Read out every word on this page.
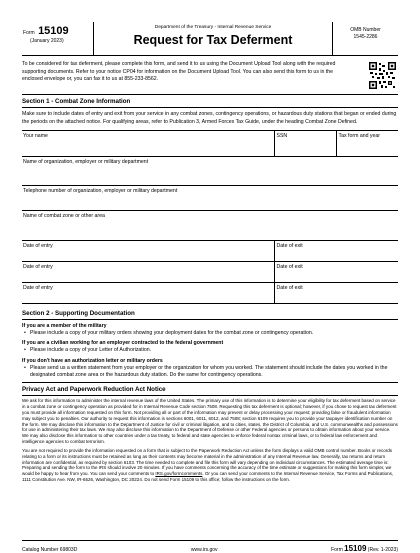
Form 15109
(January 2023)
Department of the Treasury - Internal Revenue Service
Request for Tax Deferment
OMB Number
1545-2286
To be considered for tax deferment, please complete this form, and send it to us using the Document Upload Tool along with the required supporting documents. Refer to your notice CP04 for information on the Document Upload Tool. You can also send this form to us in the enclosed envelope or, you can fax it to us at 855-233-8562.
Section 1 - Combat Zone Information
Make sure to include dates of entry and exit from your service in any combat zones, contingency operations, or hazardous duty stations that began or ended during the periods on the attached notice. For qualifying areas, refer to Publication 3, Armed Forces Tax Guide, under the heading Combat Zone Defined.
Your name	SSN	Tax form and year
Name of organization, employer or military department		
Telephone number of organization, employer or military department		
Name of combat zone or other area		
Date of entry	Date of exit	
Date of entry	Date of exit	
Date of entry	Date of exit	
Section 2 - Supporting Documentation
If you are a member of the military
• Please include a copy of your military orders showing your deployment dates for the combat zone or contingency operation.
If you are a civilian working for an employer contracted to the federal government
• Please include a copy of your Letter of Authorization.
If you don't have an authorization letter or military orders
• Please send us a written statement from your employer or the organization for whom you worked. The statement should include the dates you worked in the designated combat zone area or the hazardous duty station. Do the same for contingency operations.
Privacy Act and Paperwork Reduction Act Notice
We ask for this information to administer the internal revenue laws of the United States. The primary use of this information is to determine your eligibility for tax deferment based on service in a combat zone or contingency operation as provided for in Internal Revenue Code section 7508. Requesting this tax deferment is optional; however, if you chose to request tax deferment you must provide all information requested on this form. Not providing all or part of the information may prevent or delay processing your request; providing false or fraudulent information may subject you to penalties. Our authority to request this information is sections 6001, 6011, 6012, and 7508; section 6109 requires you to provide your taxpayer identification number on the form. We may disclose this information to the Department of Justice for civil or criminal litigation, and to cities, states, the District of Columbia, and U.S. commonwealths and possessions for use in administering their tax laws. We may also disclose this information to the Department of Defense or other Federal agencies or persons to obtain information about your service. We may also disclose this information to other countries under a tax treaty, to federal and state agencies to enforce federal nontax criminal laws, or to federal law enforcement and intelligence agencies to combat terrorism.
You are not required to provide the information requested on a form that is subject to the Paperwork Reduction Act unless the form displays a valid OMB control number. Books or records relating to a form or its instructions must be retained as long as their contents may become material in the administration of any Internal Revenue law. Generally, tax returns and return information are confidential, as required by section 6103. The time needed to complete and file this form will vary depending on individual circumstances. The estimated average time is: Preparing and sending the form to the IRS should involve 20 minutes. If you have comments concerning the accuracy of the time estimate or suggestions for making this form simpler, we would be happy to hear from you. You can send your comments to IRS.gov/formcomments. Or you can send your comments to the Internal Revenue Service, Tax Forms and Publications, 1111 Constitution Ave. NW, IR-6526, Washington, DC 20224. Do not send Form 15109 to this office; follow the instructions on the form.
Catalog Number 69803D	www.irs.gov	Form 15109 (Rev. 1-2023)
